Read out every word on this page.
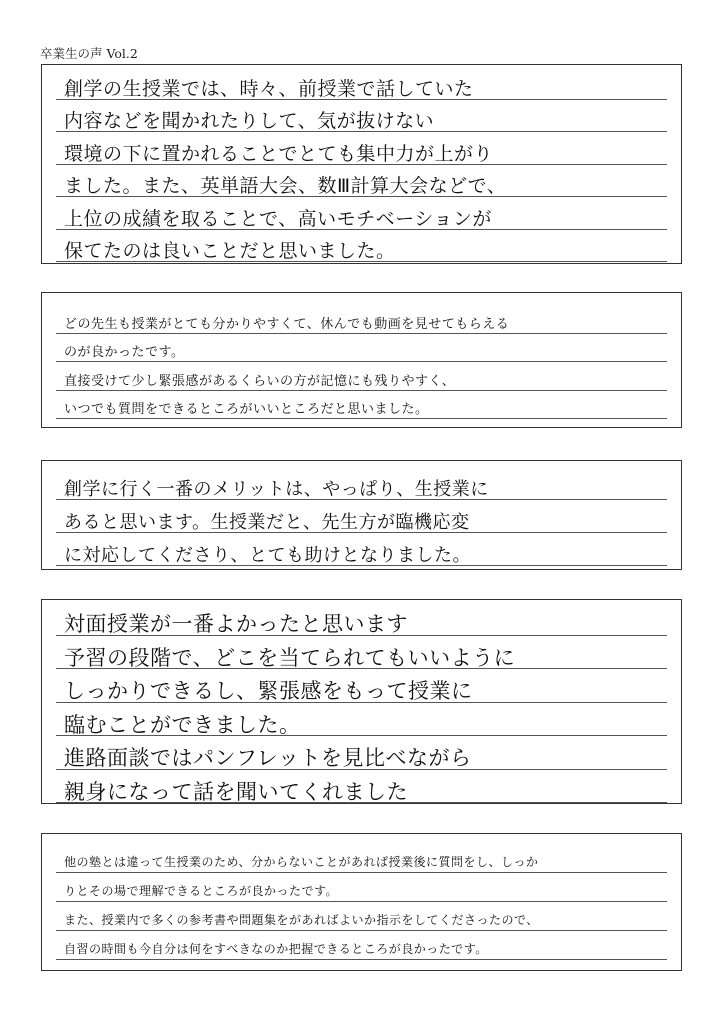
卒業生の声 Vol.2
創学の生授業では、時々、前授業で話していた
内容などを聞かれたりして、気が抜けない
環境の下に置かれることでとても集中力が上がり
ました。また、英単語大会、数Ⅲ計算大会などで、
上位の成績を取ることで、高いモチベーションが
保てたのは良いことだと思いました。
どの先生も授業がとても分かりやすくて、休んでも動画を見せてもらえる
のが良かったです。
直接受けて少し緊張感があるくらいの方が記憶にも残りやすく、
いつでも質問をできるところがいいところだと思いました。
創学に行く一番のメリットは、やっぱり、生授業に
あると思います。生授業だと、先生方が臨機応変
に対応してくださり、とても助けとなりました。
対面授業が一番よかったと思います
予習の段階で、どこを当てられてもいいように
しっかりできるし、緊張感をもって授業に
臨むことができました。
進路面談ではパンフレットを見比べながら
親身になって話を聞いてくれました
他の塾とは違って生授業のため、分からないことがあれば授業後に質問をし、しっか
りとその場で理解できるところが良かったです。
また、授業内で多くの参考書や問題集をがあればよいか指示をしてくださったので、
自習の時間も今自分は何をすべきなのか把握できるところが良かったです。
